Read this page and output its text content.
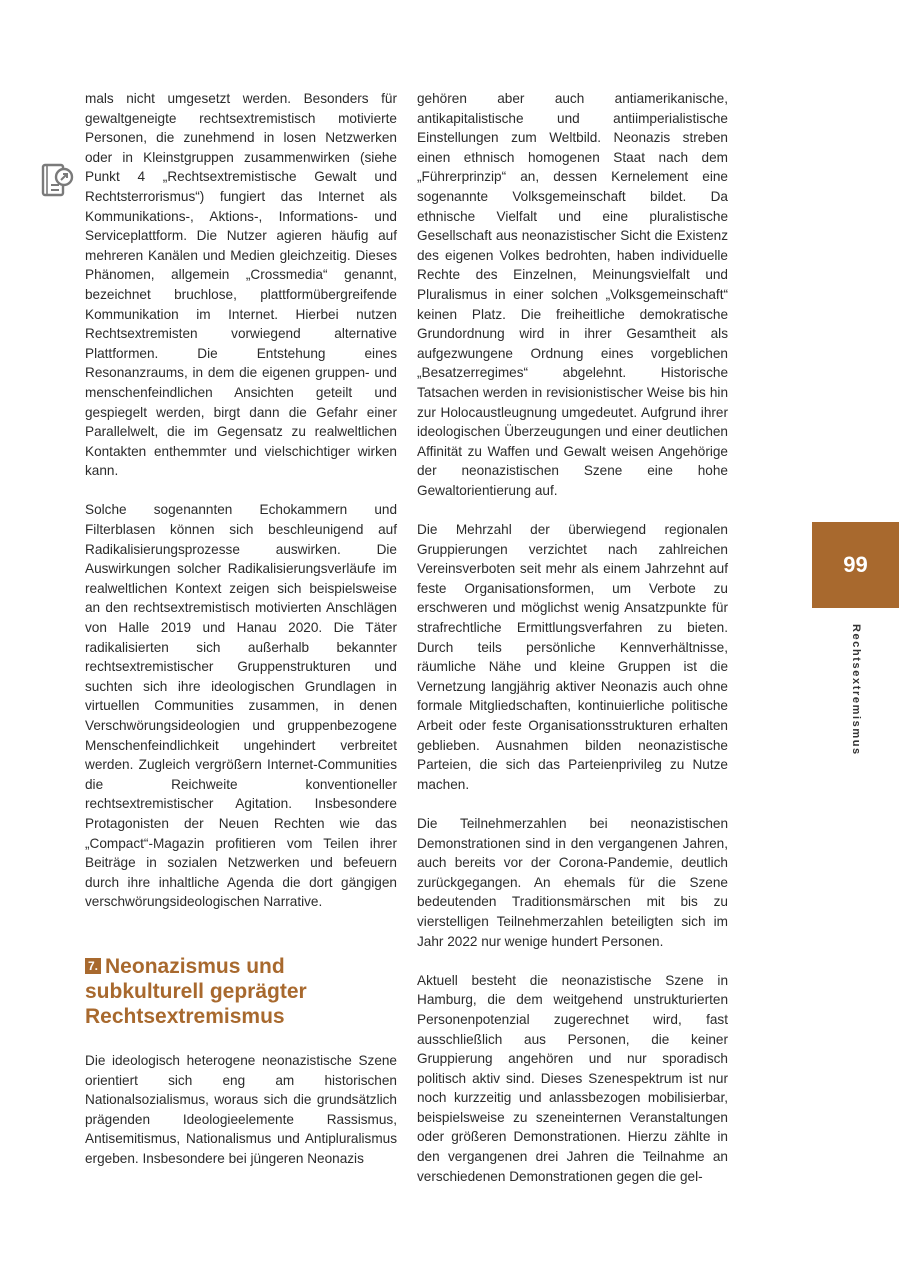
mals nicht umgesetzt werden. Besonders für gewaltgeneigte rechtsextremistisch motivierte Personen, die zunehmend in losen Netzwerken oder in Kleinstgruppen zusammenwirken (siehe Punkt 4 „Rechtsextremistische Gewalt und Rechtsterrorismus“) fungiert das Internet als Kommunikations-, Aktions-, Informations- und Serviceplattform. Die Nutzer agieren häufig auf mehreren Kanälen und Medien gleichzeitig. Dieses Phänomen, allgemein „Crossmedia“ genannt, bezeichnet bruchlose, plattformübergreifende Kommunikation im Internet. Hierbei nutzen Rechtsextremisten vorwiegend alternative Plattformen. Die Entstehung eines Resonanzraums, in dem die eigenen gruppen- und menschenfeindlichen Ansichten geteilt und gespiegelt werden, birgt dann die Gefahr einer Parallelwelt, die im Gegensatz zu realweltlichen Kontakten enthemmter und vielschichtiger wirken kann.

Solche sogenannten Echokammern und Filterblasen können sich beschleunigend auf Radikalisierungsprozesse auswirken. Die Auswirkungen solcher Radikalisierungsverläufe im realweltlichen Kontext zeigen sich beispielsweise an den rechtsextremistisch motivierten Anschlägen von Halle 2019 und Hanau 2020. Die Täter radikalisierten sich außerhalb bekannter rechtsextremistischer Gruppenstrukturen und suchten sich ihre ideologischen Grundlagen in virtuellen Communities zusammen, in denen Verschwörungsideologien und gruppenbezogene Menschenfeindlichkeit ungehindert verbreitet werden. Zugleich vergrößern Internet-Communities die Reichweite konventioneller rechtsextremistischer Agitation. Insbesondere Protagonisten der Neuen Rechten wie das „Compact“-Magazin profitieren vom Teilen ihrer Beiträge in sozialen Netzwerken und befeuern durch ihre inhaltliche Agenda die dort gängigen verschwörungsideologischen Narrative.

7. Neonazismus und subkulturell geprägter Rechtsextremismus

Die ideologisch heterogene neonazistische Szene orientiert sich eng am historischen Nationalsozialismus, woraus sich die grundsätzlich prägenden Ideologieelemente Rassismus, Antisemitismus, Nationalismus und Antipluralismus ergeben. Insbesondere bei jüngeren Neonazis

gehören aber auch antiamerikanische, antikapitalistische und antiimperialistische Einstellungen zum Weltbild. Neonazis streben einen ethnisch homogenen Staat nach dem „Führerprinzip“ an, dessen Kernelement eine sogenannte Volksgemeinschaft bildet. Da ethnische Vielfalt und eine pluralistische Gesellschaft aus neonazistischer Sicht die Existenz des eigenen Volkes bedrohten, haben individuelle Rechte des Einzelnen, Meinungsvielfalt und Pluralismus in einer solchen „Volksgemeinschaft“ keinen Platz. Die freiheitliche demokratische Grundordnung wird in ihrer Gesamtheit als aufgezwungene Ordnung eines vorgeblichen „Besatzerregimes“ abgelehnt. Historische Tatsachen werden in revisionistischer Weise bis hin zur Holocaustleugnung umgedeutet. Aufgrund ihrer ideologischen Überzeugungen und einer deutlichen Affinität zu Waffen und Gewalt weisen Angehörige der neonazistischen Szene eine hohe Gewaltorientierung auf.

Die Mehrzahl der überwiegend regionalen Gruppierungen verzichtet nach zahlreichen Vereinsverboten seit mehr als einem Jahrzehnt auf feste Organisationsformen, um Verbote zu erschweren und möglichst wenig Ansatzpunkte für strafrechtliche Ermittlungsverfahren zu bieten. Durch teils persönliche Kennverhältnisse, räumliche Nähe und kleine Gruppen ist die Vernetzung langjährig aktiver Neonazis auch ohne formale Mitgliedschaften, kontinuierliche politische Arbeit oder feste Organisationsstrukturen erhalten geblieben. Ausnahmen bilden neonazistische Parteien, die sich das Parteienprivileg zu Nutze machen.

Die Teilnehmerzahlen bei neonazistischen Demonstrationen sind in den vergangenen Jahren, auch bereits vor der Corona-Pandemie, deutlich zurückgegangen. An ehemals für die Szene bedeutenden Traditionsmärschen mit bis zu vierstelligen Teilnehmerzahlen beteiligten sich im Jahr 2022 nur wenige hundert Personen.

Aktuell besteht die neonazistische Szene in Hamburg, die dem weitgehend unstrukturierten Personenpotenzial zugerechnet wird, fast ausschließlich aus Personen, die keiner Gruppierung angehören und nur sporadisch politisch aktiv sind. Dieses Szenespektrum ist nur noch kurzzeitig und anlassbezogen mobilisierbar, beispielsweise zu szeneinternen Veranstaltungen oder größeren Demonstrationen. Hierzu zählte in den vergangenen drei Jahren die Teilnahme an verschiedenen Demonstrationen gegen die gel-

99
Rechtsextremismus
